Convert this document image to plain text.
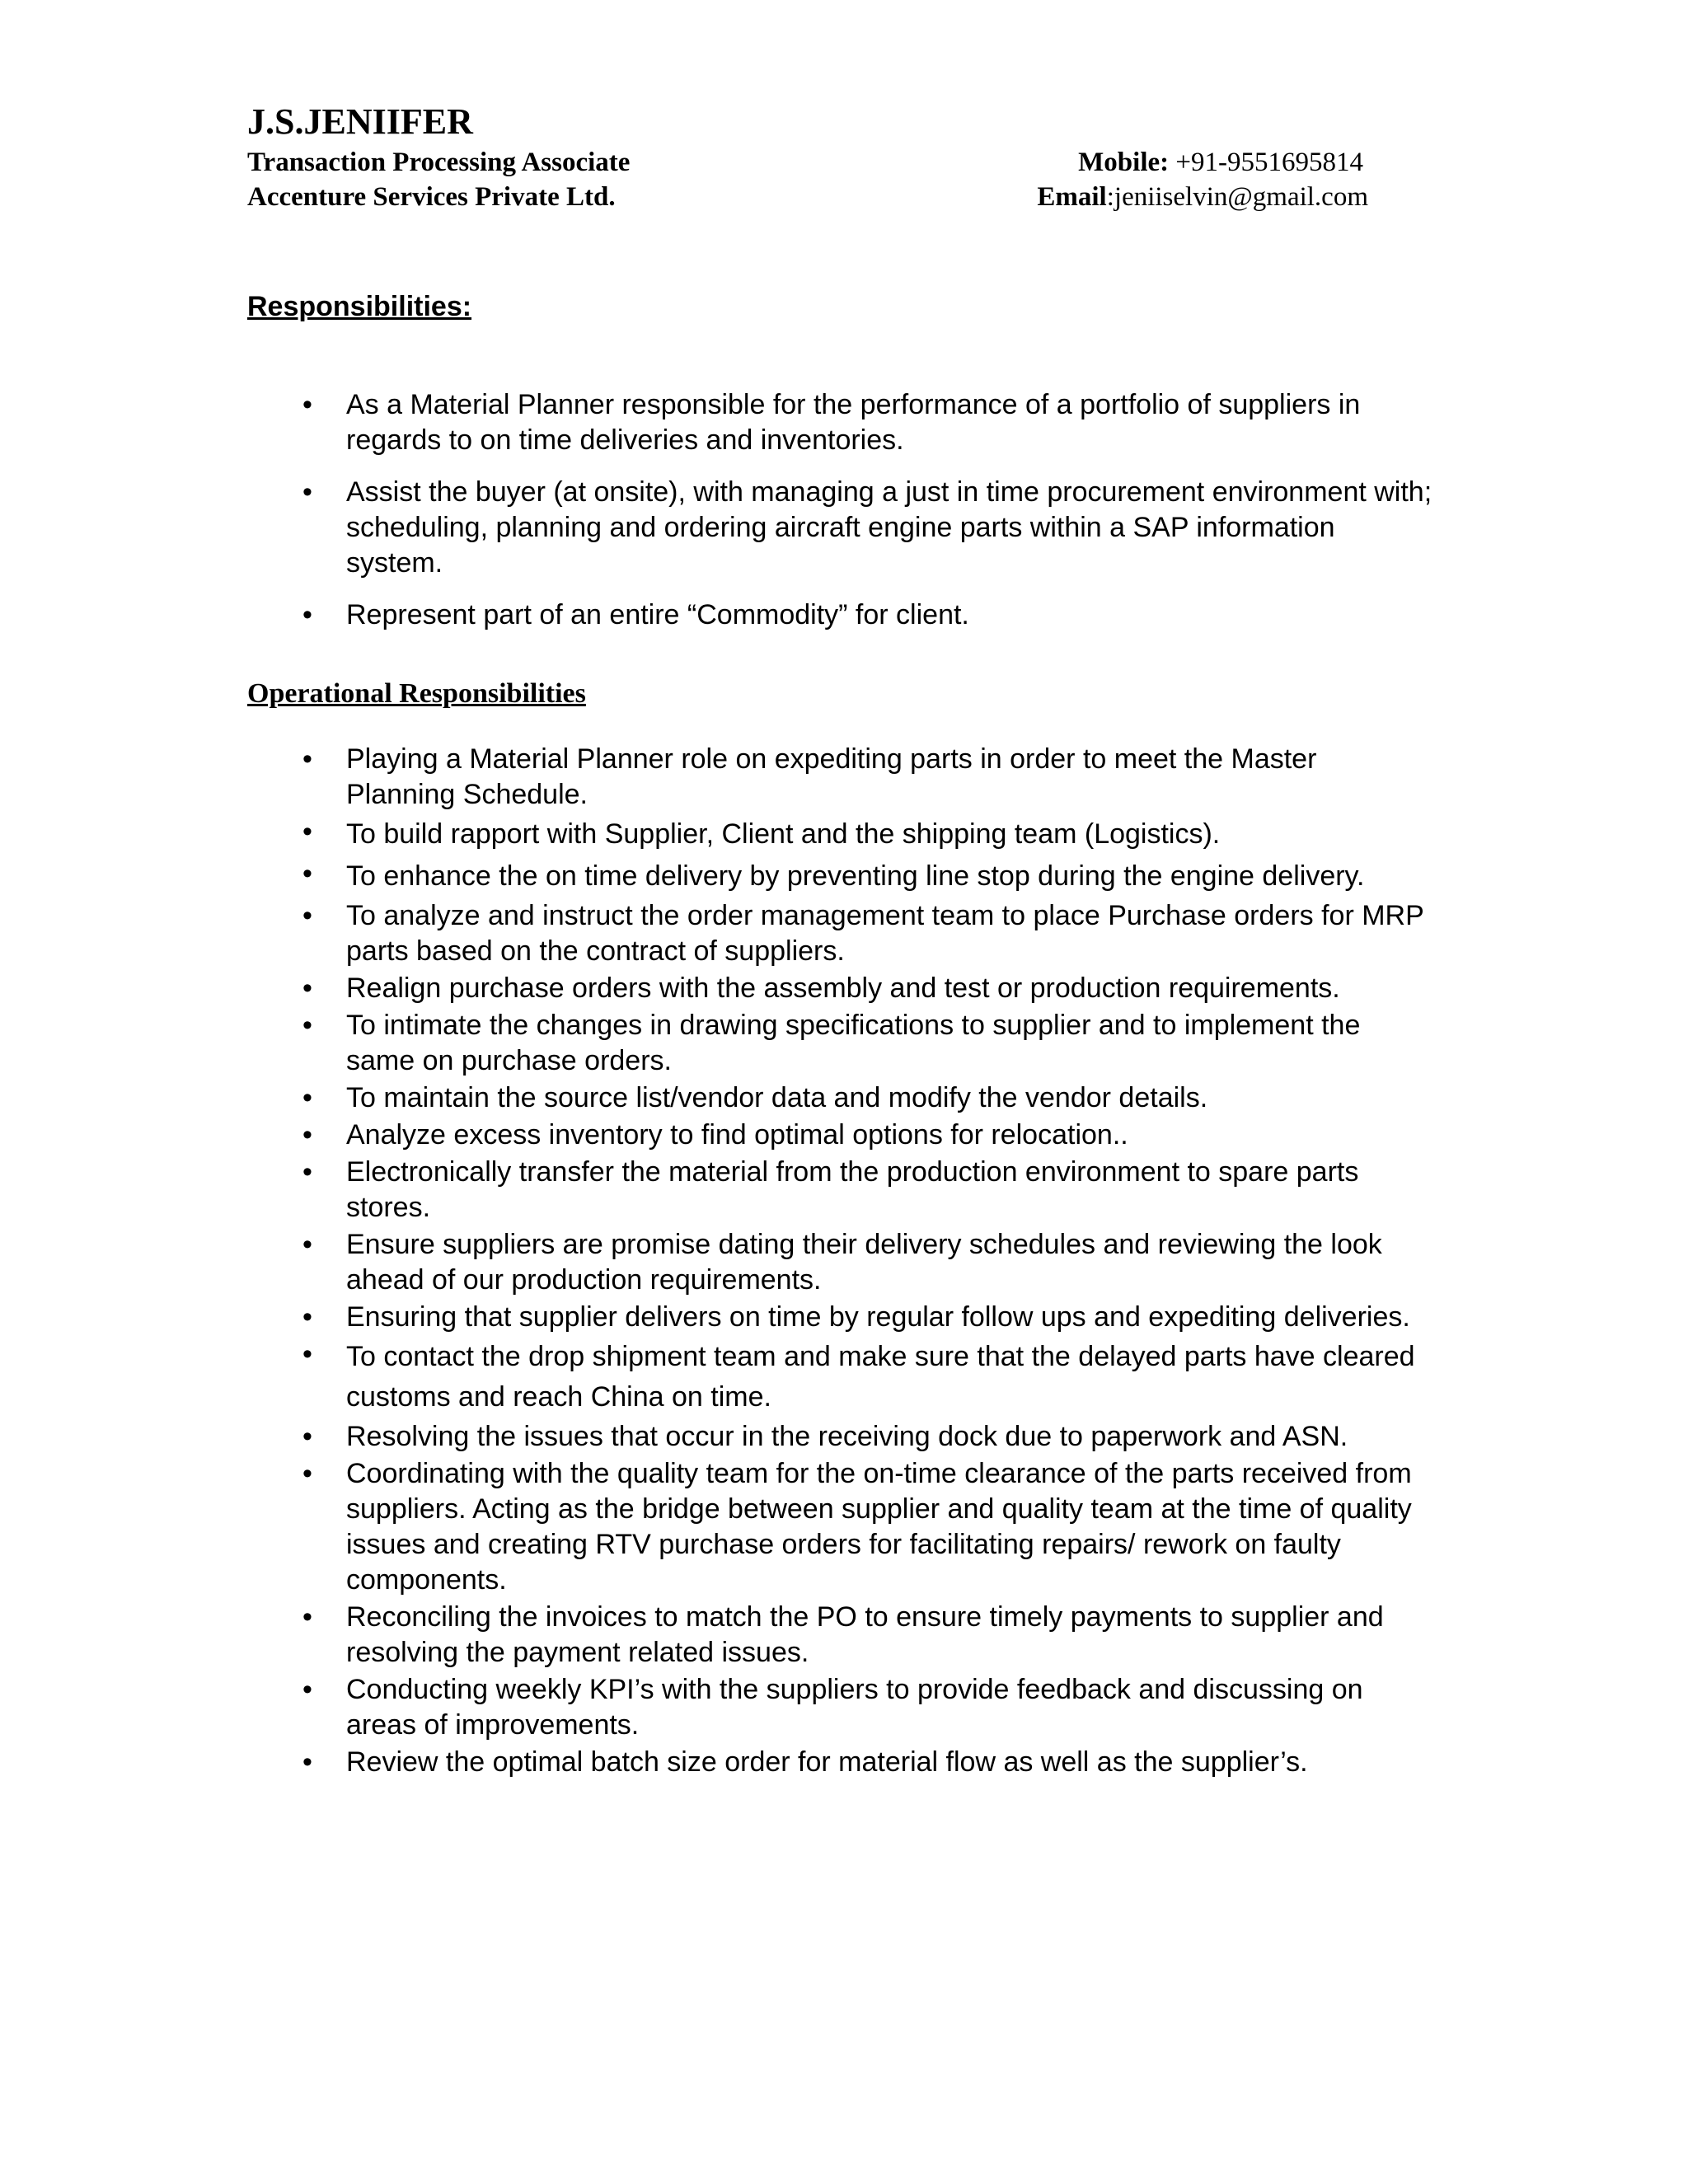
J.S.JENIIFER
Transaction Processing Associate	Mobile: +91-9551695814
Accenture Services Private Ltd.	Email:jeniiselvin@gmail.com
Responsibilities:
• As a Material Planner responsible for the performance of a portfolio of suppliers in regards to on time deliveries and inventories.
• Assist the buyer (at onsite), with managing a just in time procurement environment with; scheduling, planning and ordering aircraft engine parts within a SAP information system.
• Represent part of an entire “Commodity” for client.
Operational Responsibilities
• Playing a Material Planner role on expediting parts in order to meet the Master Planning Schedule.
• To build rapport with Supplier, Client and the shipping team (Logistics).
• To enhance the on time delivery by preventing line stop during the engine delivery.
• To analyze and instruct the order management team to place Purchase orders for MRP parts based on the contract of suppliers.
• Realign purchase orders with the assembly and test or production requirements.
• To intimate the changes in drawing specifications to supplier and to implement the same on purchase orders.
• To maintain the source list/vendor data and modify the vendor details.
• Analyze excess inventory to find optimal options for relocation..
• Electronically transfer the material from the production environment to spare parts stores.
• Ensure suppliers are promise dating their delivery schedules and reviewing the look ahead of our production requirements.
• Ensuring that supplier delivers on time by regular follow ups and expediting deliveries.
• To contact the drop shipment team and make sure that the delayed parts have cleared customs and reach China on time.
• Resolving the issues that occur in the receiving dock due to paperwork and ASN.
• Coordinating with the quality team for the on-time clearance of the parts received from suppliers. Acting as the bridge between supplier and quality team at the time of quality issues and creating RTV purchase orders for facilitating repairs/ rework on faulty components.
• Reconciling the invoices to match the PO to ensure timely payments to supplier and resolving the payment related issues.
• Conducting weekly KPI’s with the suppliers to provide feedback and discussing on areas of improvements.
• Review the optimal batch size order for material flow as well as the supplier’s.
